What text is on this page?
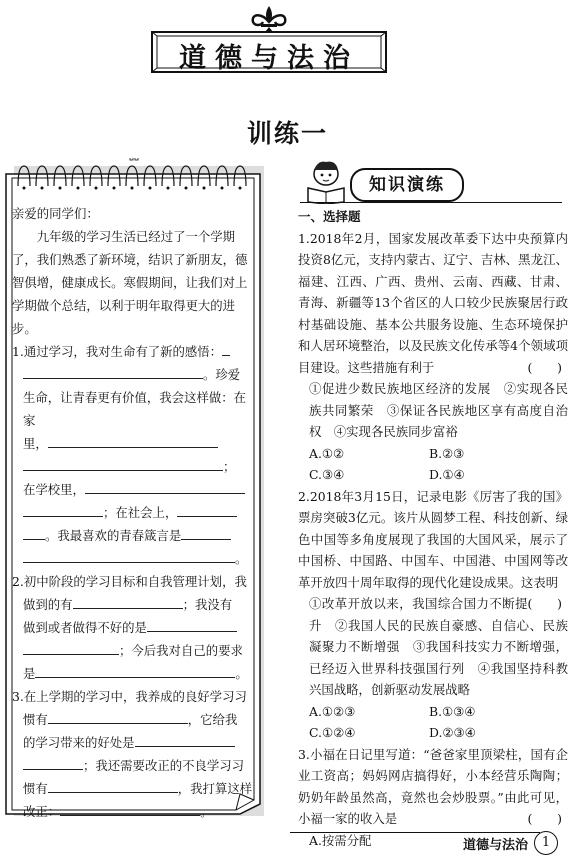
道德与法治
训练一

亲爱的同学们：

九年级的学习生活已经过了一个学期了，我们熟悉了新环境，结识了新朋友，德智俱增，健康成长。寒假期间，让我们对上学期做个总结，以利于明年取得更大的进步。

1.通过学习，我对生命有了新的感悟：

。珍爱

生命，让青春更有价值，我会这样做：在家

里，

；

在学校里，

；在社会上，

。我最喜欢的青春箴言是

。

2.初中阶段的学习目标和自我管理计划，我

做到的有	；我没有

做到或者做得不好的是

；今后我对自己的要求

是	。

3.在上学期的学习中，我养成的良好学习习

惯有	，它给我

的学习带来的好处是

；我还需要改正的不良学习习

惯有	，我打算这样

改正：	。

知识演练

一、选择题

1.2018年2月，国家发展改革委下达中央预算内投资8亿元，支持内蒙古、辽宁、吉林、黑龙江、福建、江西、广西、贵州、云南、西藏、甘肃、青海、新疆等13个省区的人口较少民族聚居行政村基础设施、基本公共服务设施、生态环境保护和人居环境整治，以及民族文化传承等4个领域项目建设。这些措施有利于	(　　)

①促进少数民族地区经济的发展　②实现各民族共同繁荣　③保证各民族地区享有高度自治权　④实现各民族同步富裕

A.①②	B.②③
C.③④	D.①④

2.2018年3月15日，记录电影《厉害了我的国》票房突破3亿元。该片从圆梦工程、科技创新、绿色中国等多角度展现了我国的大国风采，展示了中国桥、中国路、中国车、中国港、中国网等改革开放四十周年取得的现代化建设成果。这表明
(　　)

①改革开放以来，我国综合国力不断提升　②我国人民的民族自豪感、自信心、民族凝聚力不断增强　③我国科技实力不断增强，已经迈入世界科技强国行列　④我国坚持科教兴国战略，创新驱动发展战略

A.①②③	B.①③④
C.①②④	D.②③④

3.小福在日记里写道：“爸爸家里顶梁柱，国有企业工资高；妈妈网店搞得好，小本经营乐陶陶；奶奶年龄虽然高，竟然也会炒股票。”由此可见，小福一家的收入是	(　　)

A.按需分配	道德与法治	1
